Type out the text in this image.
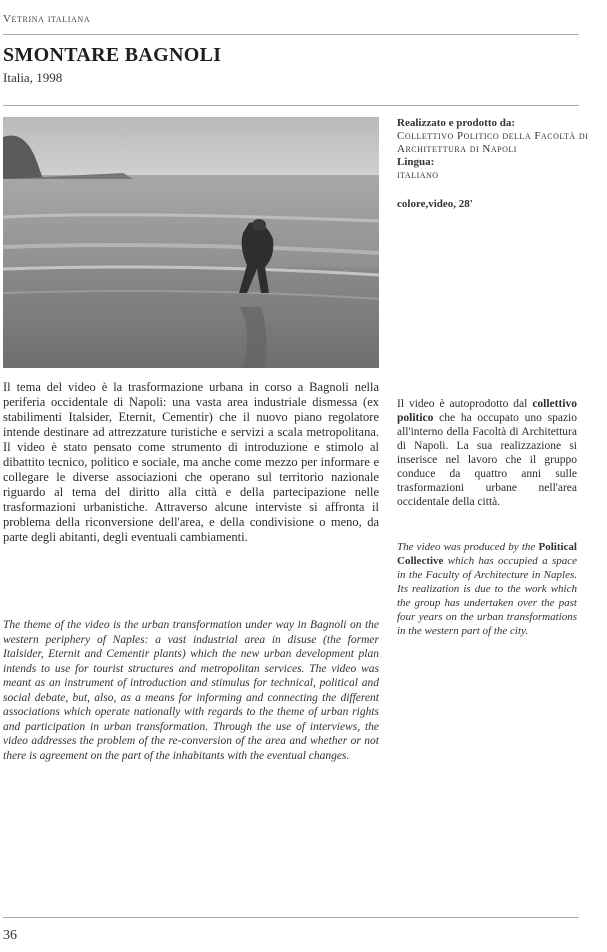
Vetrina italiana
SMONTARE BAGNOLI
Italia, 1998
Realizzato e prodotto da:
Collettivo Politico della Facoltà di Architettura di Napoli
Lingua:
italiano
colore,video, 28'
Il tema del video è la trasformazione urbana in corso a Bagnoli nella periferia occidentale di Napoli: una vasta area industriale dismessa (ex stabilimenti Italsider, Eternit, Cementir) che il nuovo piano regolatore intende destinare ad attrezzature turistiche e servizi a scala metropolitana. Il video è stato pensato come strumento di introduzione e stimolo al dibattito tecnico, politico e sociale, ma anche come mezzo per informare e collegare le diverse associazioni che operano sul territorio nazionale riguardo al tema del diritto alla città e della partecipazione nelle trasformazioni urbanistiche. Attraverso alcune interviste si affronta il problema della riconversione dell'area, e della condivisione o meno, da parte degli abitanti, degli eventuali cambiamenti.
The theme of the video is the urban transformation under way in Bagnoli on the western periphery of Naples: a vast industrial area in disuse (the former Italsider, Eternit and Cementir plants) which the new urban development plan intends to use for tourist structures and metropolitan services. The video was meant as an instrument of introduction and stimulus for technical, political and social debate, but, also, as a means for informing and connecting the different associations which operate nationally with regards to the theme of urban rights and participation in urban transformation. Through the use of interviews, the video addresses the problem of the re-conversion of the area and whether or not there is agreement on the part of the inhabitants with the eventual changes.
Il video è autoprodotto dal collettivo politico che ha occupato uno spazio all'interno della Facoltà di Architettura di Napoli. La sua realizzazione si inserisce nel lavoro che il gruppo conduce da quattro anni sulle trasformazioni urbane nell'area occidentale della città.
The video was produced by the Political Collective which has occupied a space in the Faculty of Architecture in Naples. Its realization is due to the work which the group has undertaken over the past four years on the urban transformations in the western part of the city.
36
